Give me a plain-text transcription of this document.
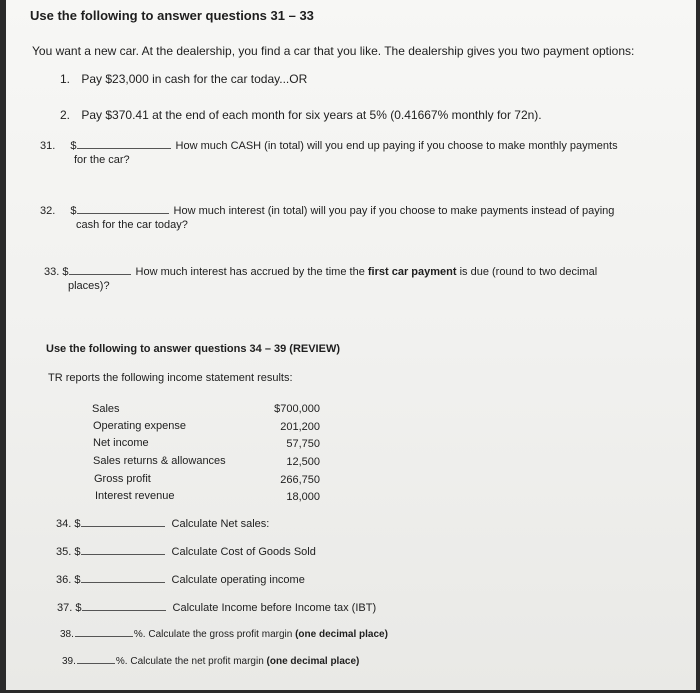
Use the following to answer questions 31 – 33
You want a new car. At the dealership, you find a car that you like. The dealership gives you two payment options:
1. Pay $23,000 in cash for the car today...OR
2. Pay $370.41 at the end of each month for six years at 5% (0.41667% monthly for 72n).
31. $	How much CASH (in total) will you end up paying if you choose to make monthly payments
for the car?
32. $	How much interest (in total) will you pay if you choose to make payments instead of paying
cash for the car today?
33. $	How much interest has accrued by the time the first car payment is due (round to two decimal
places)?
Use the following to answer questions 34 – 39 (REVIEW)
TR reports the following income statement results:
Sales	$700,000
Operating expense	201,200
Net income	57,750
Sales returns & allowances	12,500
Gross profit	266,750
Interest revenue	18,000
34. $	Calculate Net sales:
35. $	Calculate Cost of Goods Sold
36. $	Calculate operating income
37. $	Calculate Income before Income tax (IBT)
38.	%. Calculate the gross profit margin (one decimal place)
39.	%. Calculate the net profit margin (one decimal place)
